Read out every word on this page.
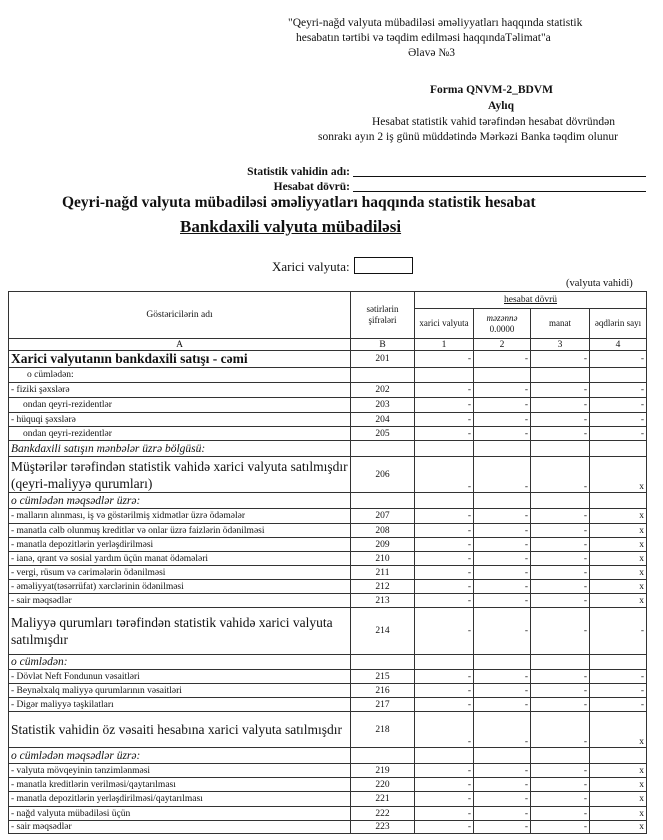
"Qeyri-nağd valyuta mübadiləsi əməliyyatları haqqında statistik
hesabatın tərtibi və təqdim edilməsi haqqındaTəlimat"a
Əlavə №3
Forma QNVM-2_BDVM
Aylıq
Hesabat statistik vahid tərəfindən hesabat dövründən
sonrakı ayın 2 iş günü müddətində Mərkəzi Banka təqdim olunur
Statistik vahidin adı:
Hesabat dövrü:
Qeyri-nağd valyuta mübadiləsi əməliyyatları haqqında statistik hesabat
Bankdaxili valyuta mübadiləsi
Xarici valyuta:
(valyuta vahidi)
Göstəricilərin adı	sətirlərin şifrələri	hesabat dövrü			
		xarici valyuta	məzənnə
0.0000	manat	əqdlərin sayı
A	B	1	2	3	4
Xarici valyutanın bankdaxili satışı - cəmi	201	-	-	-	-
o cümlədən:					
- fiziki şəxslərə	202	-	-	-	-
ondan qeyri-rezidentlər	203	-	-	-	-
- hüquqi şəxslərə	204	-	-	-	-
ondan qeyri-rezidentlər	205	-	-	-	-
Bankdaxili satışın mənbələr üzrə bölgüsü:					
Müştərilər tərəfindən statistik vahidə xarici valyuta satılmışdır (qeyri-maliyyə qurumları)	206	-	-	-	x
o cümlədən məqsədlər üzrə:					
- malların alınması, iş və göstərilmiş xidmətlər üzrə ödəmələr	207	-	-	-	x
- manatla cəlb olunmuş kreditlər və onlar üzrə faizlərin ödənilməsi	208	-	-	-	x
- manatla depozitlərin yerləşdirilməsi	209	-	-	-	x
- ianə, qrant və sosial yardım üçün manat ödəmələri	210	-	-	-	x
- vergi, rüsum və cərimələrin ödənilməsi	211	-	-	-	x
- əməliyyat(təsərrüfat) xərclərinin ödənilməsi	212	-	-	-	x
- sair məqsədlər	213	-	-	-	x
Maliyyə qurumları tərəfindən statistik vahidə xarici valyuta satılmışdır	214	-	-	-	-
o cümlədən:					
- Dövlət Neft Fondunun vəsaitləri	215	-	-	-	-
- Beynəlxalq maliyyə qurumlarının vəsaitləri	216	-	-	-	-
- Digər maliyyə təşkilatları	217	-	-	-	-
Statistik vahidin öz vəsaiti hesabına xarici valyuta satılmışdır	218	-	-	-	x
o cümlədən məqsədlər üzrə:					
- valyuta mövqeyinin tənzimlənməsi	219	-	-	-	x
- manatla kreditlərin verilməsi/qaytarılması	220	-	-	-	x
- manatla depozitlərin yerləşdirilməsi/qaytarılması	221	-	-	-	x
- nağd valyuta mübadiləsi üçün	222	-	-	-	x
- sair məqsədlər	223	-	-	-	x
